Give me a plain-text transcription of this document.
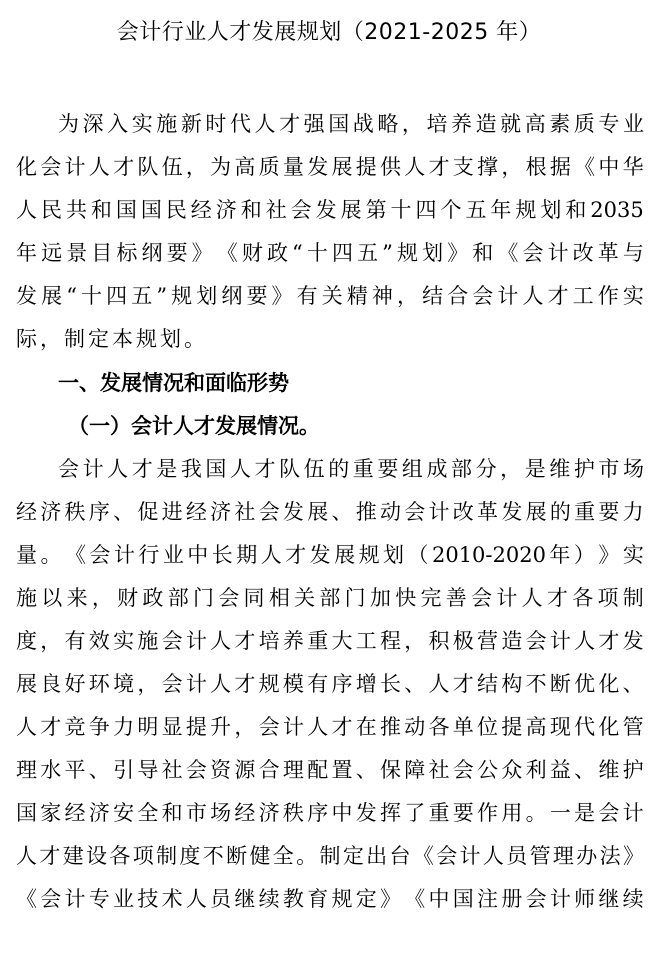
会计行业人才发展规划（2021-2025 年）
为 深 入 实 施 新 时 代 人 才 强 国 战 略 ， 培 养 造 就 高 素 质 专 业
化 会 计 人 才 队 伍 ， 为 高 质 量 发 展 提 供 人 才 支 撑 ， 根 据 《 中 华
人 民 共 和 国 国 民 经 济 和 社 会 发 展 第 十 四 个 五 年 规 划 和 2035
年 远 景 目 标 纲 要 》 《 财 政 “ 十 四 五 ” 规 划 》 和 《 会 计 改 革 与
发 展 “ 十 四 五 ” 规 划 纲 要 》 有 关 精 神 ， 结 合 会 计 人 才 工 作 实
际，制定本规划。
一、发展情况和面临形势
（一）会计人才发展情况。
会 计 人 才 是 我 国 人 才 队 伍 的 重 要 组 成 部 分 ， 是 维 护 市 场
经 济 秩 序 、 促 进 经 济 社 会 发 展 、 推 动 会 计 改 革 发 展 的 重 要 力
量 。 《 会 计 行 业 中 长 期 人 才 发 展 规 划 （ 2010-2020 年 ） 》 实
施 以 来 ， 财 政 部 门 会 同 相 关 部 门 加 快 完 善 会 计 人 才 各 项 制
度 ， 有 效 实 施 会 计 人 才 培 养 重 大 工 程 ， 积 极 营 造 会 计 人 才 发
展 良 好 环 境 ， 会 计 人 才 规 模 有 序 增 长 、 人 才 结 构 不 断 优 化 、
人 才 竞 争 力 明 显 提 升 ， 会 计 人 才 在 推 动 各 单 位 提 高 现 代 化 管
理 水 平 、 引 导 社 会 资 源 合 理 配 置 、 保 障 社 会 公 众 利 益 、 维 护
国 家 经 济 安 全 和 市 场 经 济 秩 序 中 发 挥 了 重 要 作 用 。 一 是 会 计
人 才 建 设 各 项 制 度 不 断 健 全 。 制 定 出 台 《 会 计 人 员 管 理 办 法 》
《 会 计 专 业 技 术 人 员 继 续 教 育 规 定 》 《 中 国 注 册 会 计 师 继 续
